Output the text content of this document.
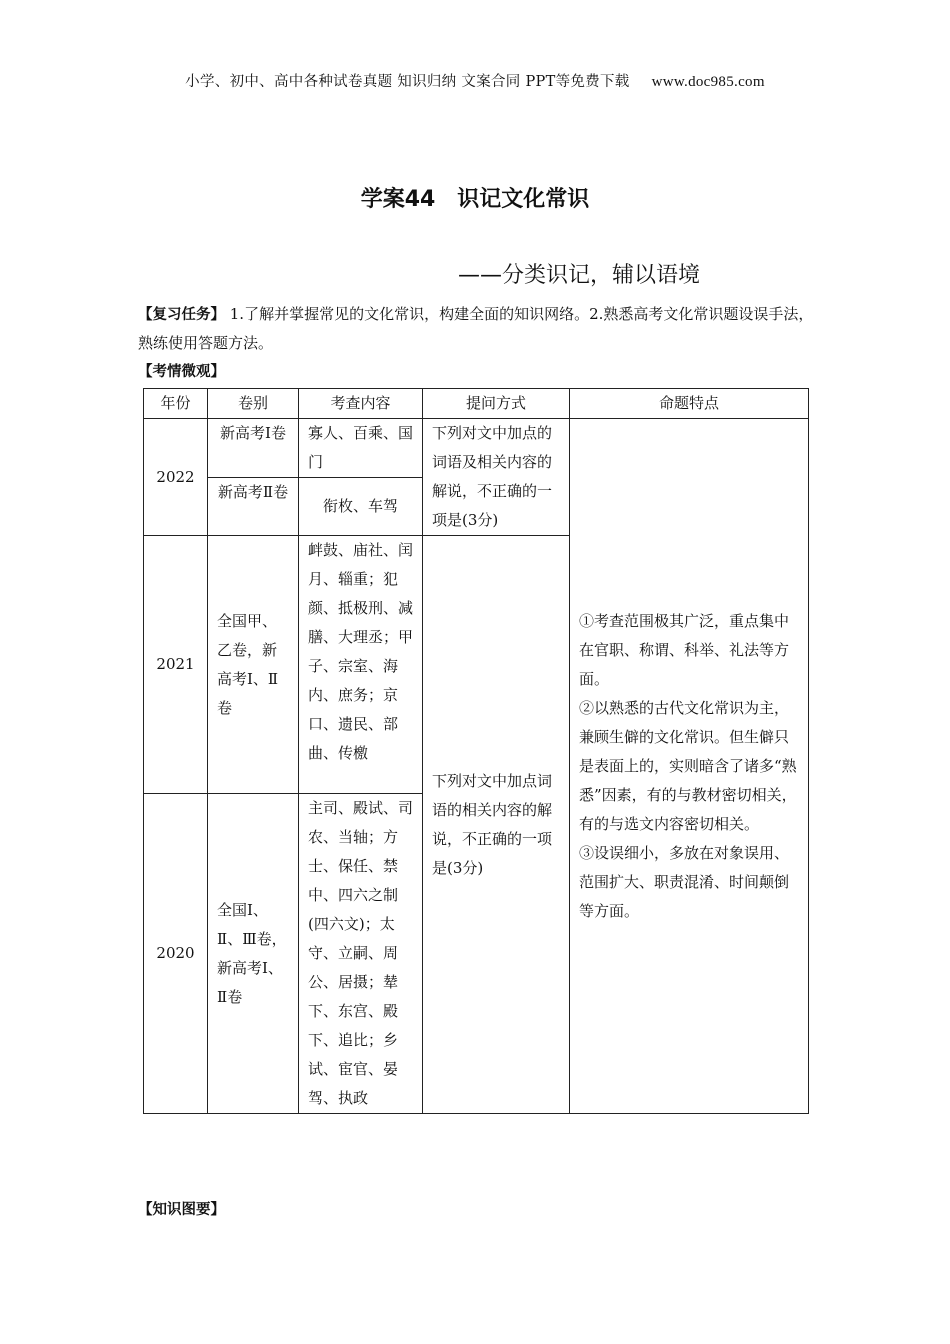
小学、初中、高中各种试卷真题 知识归纳 文案合同 PPT等免费下载 www.doc985.com
学案44　识记文化常识
——分类识记，辅以语境
【复习任务】 1.了解并掌握常见的文化常识，构建全面的知识网络。2.熟悉高考文化常识题设误手法，熟练使用答题方法。
【考情微观】
年份	卷别	考查内容	提问方式	命题特点
2022	新高考Ⅰ卷	寡人、百乘、国门	下列对文中加点的词语及相关内容的解说，不正确的一项是(3分)	①考查范围极其广泛，重点集中在官职、称谓、科举、礼法等方面。
②以熟悉的古代文化常识为主，兼顾生僻的文化常识。但生僻只是表面上的，实则暗含了诸多“熟悉”因素，有的与教材密切相关，有的与选文内容密切相关。
③设误细小，多放在对象误用、范围扩大、职责混淆、时间颠倒等方面。

	新高考Ⅱ卷	衔枚、车驾		
2021	全国甲、乙卷，新高考Ⅰ、Ⅱ卷	衅鼓、庙社、闰月、辎重；犯颜、抵极刑、减膳、大理丞；甲子、宗室、海内、庶务；京口、遗民、部曲、传檄	下列对文中加点词语的相关内容的解说，不正确的一项是(3分)	
2020	全国Ⅰ、Ⅱ、Ⅲ卷，新高考Ⅰ、Ⅱ卷	主司、殿试、司农、当轴；方士、保任、禁中、四六之制(四六文)；太守、立嗣、周公、居摄；辇下、东宫、殿下、追比；乡试、宦官、晏驾、执政		
【知识图要】
